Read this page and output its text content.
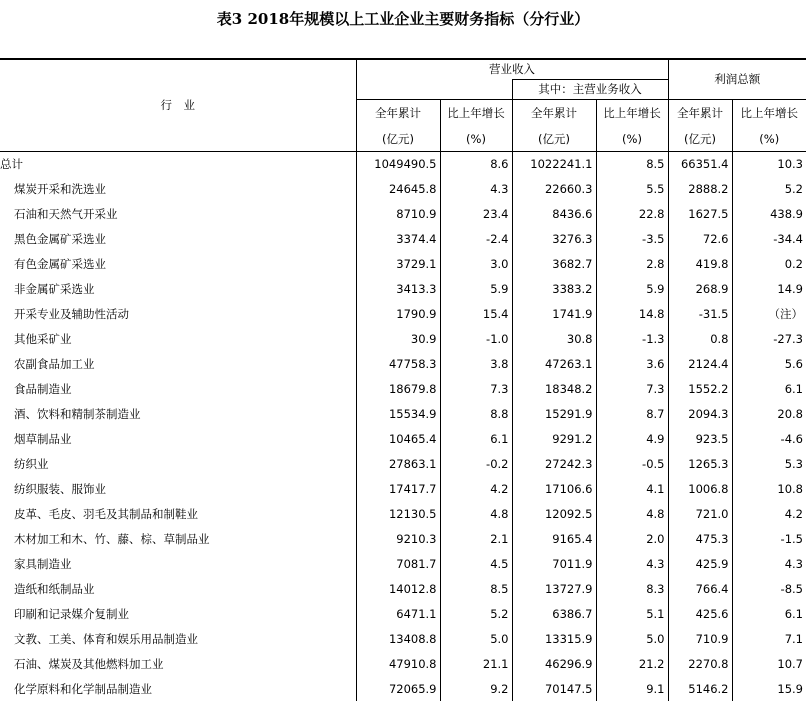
表3 2018年规模以上工业企业主要财务指标（分行业）
行　业	营业收入				利润总额	
			其中：主营业务收入			
	全年累计	比上年增长	全年累计	比上年增长	全年累计	比上年增长
	(亿元)	(%)	(亿元)	(%)	(亿元)	(%)
总计	1049490.5	8.6	1022241.1	8.5	66351.4	10.3
煤炭开采和洗选业	24645.8	4.3	22660.3	5.5	2888.2	5.2
石油和天然气开采业	8710.9	23.4	8436.6	22.8	1627.5	438.9
黑色金属矿采选业	3374.4	-2.4	3276.3	-3.5	72.6	-34.4
有色金属矿采选业	3729.1	3.0	3682.7	2.8	419.8	0.2
非金属矿采选业	3413.3	5.9	3383.2	5.9	268.9	14.9
开采专业及辅助性活动	1790.9	15.4	1741.9	14.8	-31.5	（注）
其他采矿业	30.9	-1.0	30.8	-1.3	0.8	-27.3
农副食品加工业	47758.3	3.8	47263.1	3.6	2124.4	5.6
食品制造业	18679.8	7.3	18348.2	7.3	1552.2	6.1
酒、饮料和精制茶制造业	15534.9	8.8	15291.9	8.7	2094.3	20.8
烟草制品业	10465.4	6.1	9291.2	4.9	923.5	-4.6
纺织业	27863.1	-0.2	27242.3	-0.5	1265.3	5.3
纺织服装、服饰业	17417.7	4.2	17106.6	4.1	1006.8	10.8
皮革、毛皮、羽毛及其制品和制鞋业	12130.5	4.8	12092.5	4.8	721.0	4.2
木材加工和木、竹、藤、棕、草制品业	9210.3	2.1	9165.4	2.0	475.3	-1.5
家具制造业	7081.7	4.5	7011.9	4.3	425.9	4.3
造纸和纸制品业	14012.8	8.5	13727.9	8.3	766.4	-8.5
印刷和记录媒介复制业	6471.1	5.2	6386.7	5.1	425.6	6.1
文教、工美、体育和娱乐用品制造业	13408.8	5.0	13315.9	5.0	710.9	7.1
石油、煤炭及其他燃料加工业	47910.8	21.1	46296.9	21.2	2270.8	10.7
化学原料和化学制品制造业	72065.9	9.2	70147.5	9.1	5146.2	15.9
